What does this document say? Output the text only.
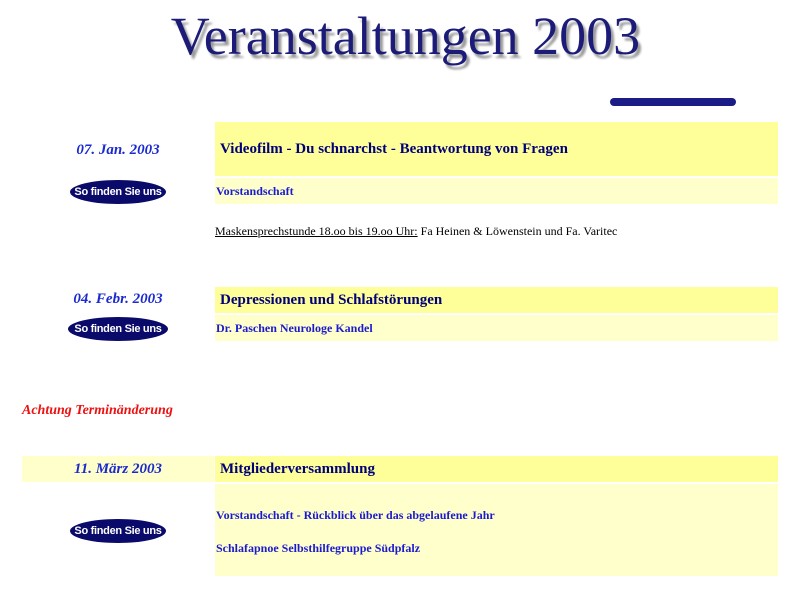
Veranstaltungen 2003
07. Jan. 2003	Videofilm - Du schnarchst - Beantwortung von Fragen
Vorstandschaft
So finden Sie uns
Maskensprechstunde 18.oo bis 19.oo Uhr: Fa Heinen & Löwenstein und Fa. Varitec
04. Febr. 2003	Depressionen und Schlafstörungen
Dr. Paschen Neurologe Kandel
So finden Sie uns
Achtung Terminänderung
11. März 2003	Mitgliederversammlung
Vorstandschaft - Rückblick über das abgelaufene Jahr
Schlafapnoe Selbsthilfegruppe Südpfalz
So finden Sie uns
